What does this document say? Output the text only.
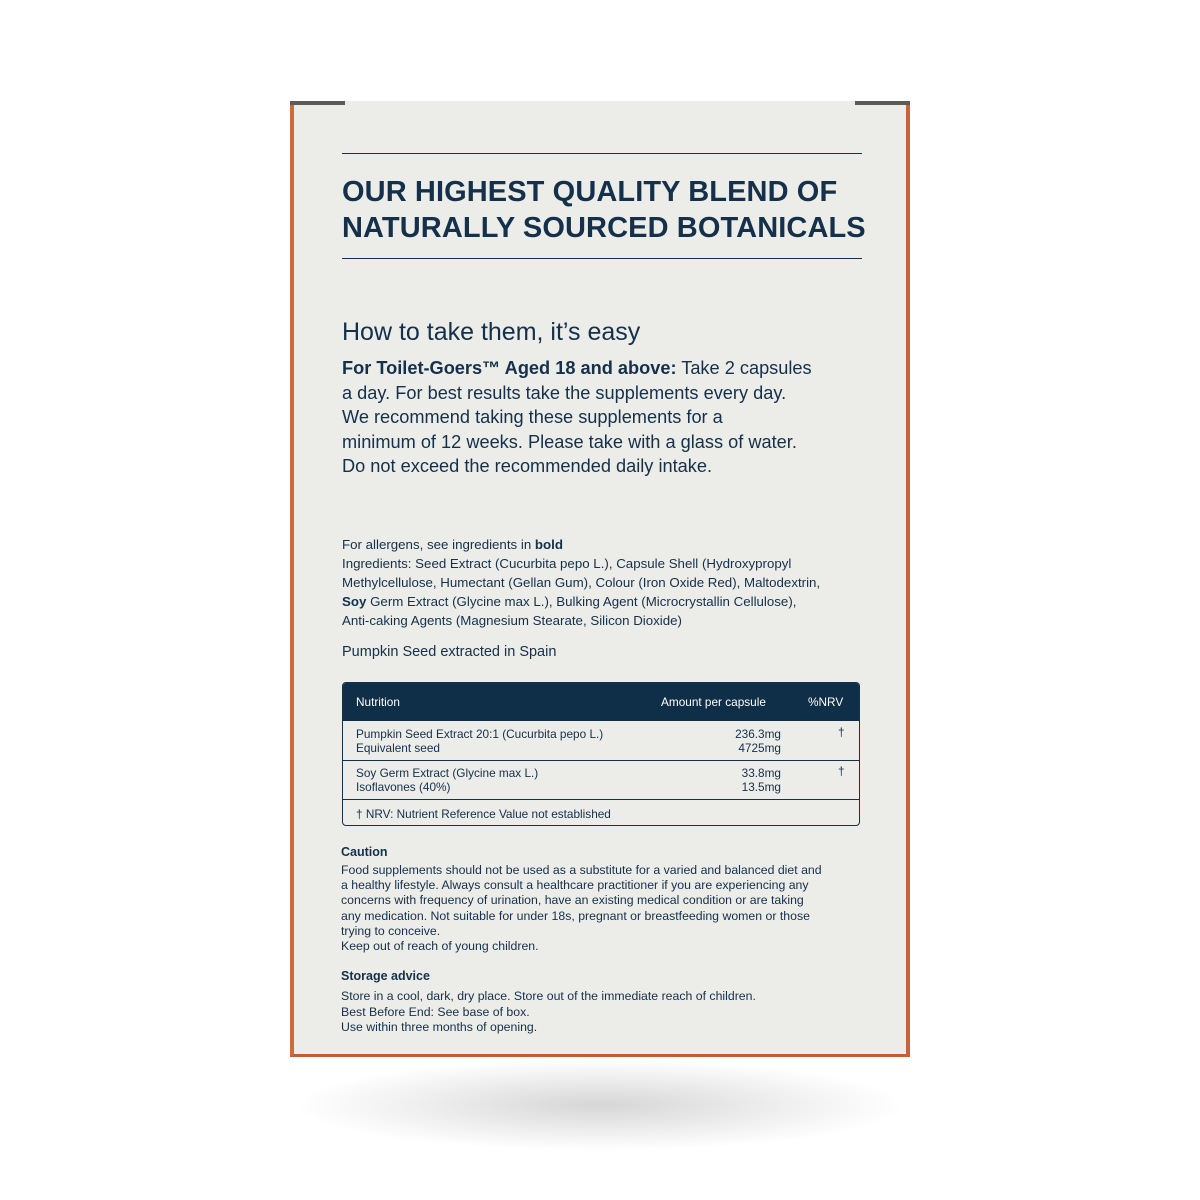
OUR HIGHEST QUALITY BLEND OF
NATURALLY SOURCED BOTANICALS
How to take them, it’s easy
For Toilet-Goers™ Aged 18 and above: Take 2 capsules
a day. For best results take the supplements every day.
We recommend taking these supplements for a
minimum of 12 weeks. Please take with a glass of water.
Do not exceed the recommended daily intake.
For allergens, see ingredients in bold
Ingredients: Seed Extract (Cucurbita pepo L.), Capsule Shell (Hydroxypropyl
Methylcellulose, Humectant (Gellan Gum), Colour (Iron Oxide Red), Maltodextrin,
Soy Germ Extract (Glycine max L.), Bulking Agent (Microcrystallin Cellulose),
Anti-caking Agents (Magnesium Stearate, Silicon Dioxide)
Pumpkin Seed extracted in Spain
Nutrition	Amount per capsule	%NRV
Pumpkin Seed Extract 20:1 (Cucurbita pepo L.)
Equivalent seed
236.3mg
4725mg
†
Soy Germ Extract (Glycine max L.)
Isoflavones (40%)
33.8mg
13.5mg
†
† NRV: Nutrient Reference Value not established
Caution
Food supplements should not be used as a substitute for a varied and balanced diet and
a healthy lifestyle. Always consult a healthcare practitioner if you are experiencing any
concerns with frequency of urination, have an existing medical condition or are taking
any medication. Not suitable for under 18s, pregnant or breastfeeding women or those
trying to conceive.
Keep out of reach of young children.
Storage advice
Store in a cool, dark, dry place. Store out of the immediate reach of children.
Best Before End: See base of box.
Use within three months of opening.
